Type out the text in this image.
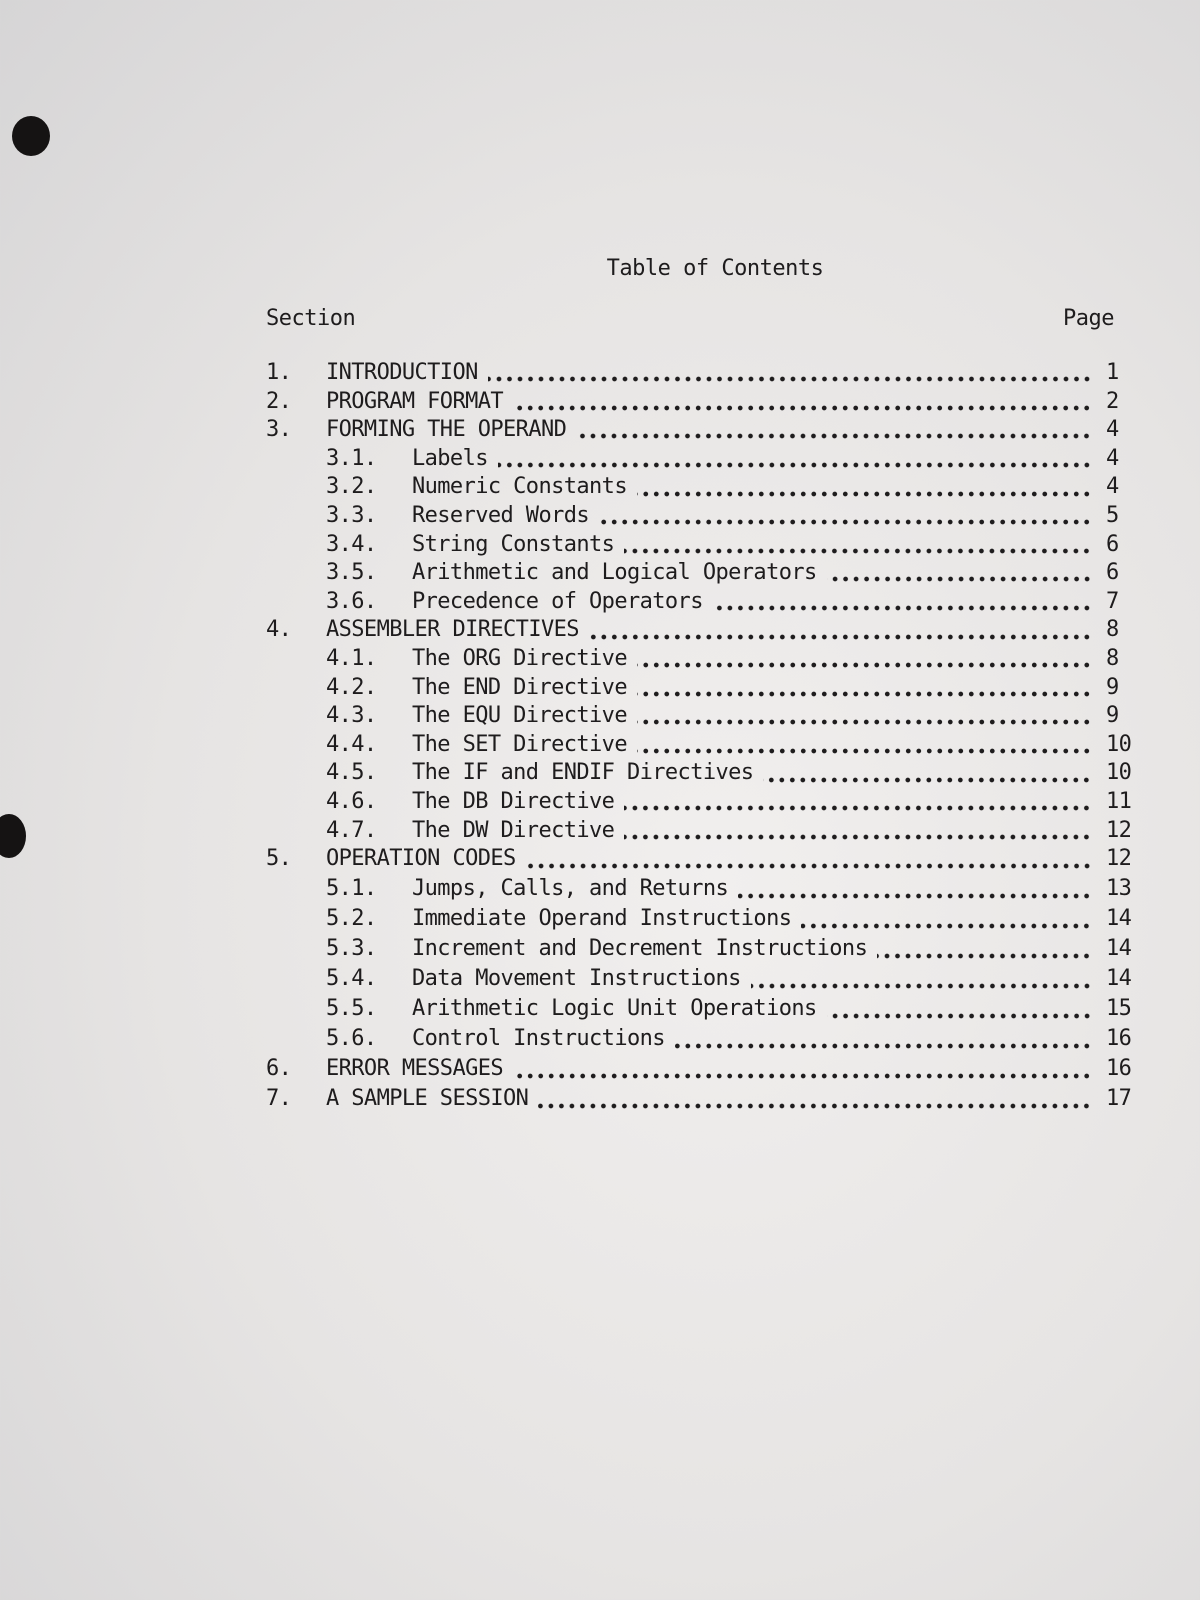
Table of Contents
Section	Page
1.	INTRODUCTION	1
2.	PROGRAM FORMAT	2
3.	FORMING THE OPERAND	4
3.1.	Labels	4
3.2.	Numeric Constants	4
3.3.	Reserved Words	5
3.4.	String Constants	6
3.5.	Arithmetic and Logical Operators	6
3.6.	Precedence of Operators	7
4.	ASSEMBLER DIRECTIVES	8
4.1.	The ORG Directive	8
4.2.	The END Directive	9
4.3.	The EQU Directive	9
4.4.	The SET Directive	10
4.5.	The IF and ENDIF Directives	10
4.6.	The DB Directive	11
4.7.	The DW Directive	12
5.	OPERATION CODES	12
5.1.	Jumps, Calls, and Returns	13
5.2.	Immediate Operand Instructions	14
5.3.	Increment and Decrement Instructions	14
5.4.	Data Movement Instructions	14
5.5.	Arithmetic Logic Unit Operations	15
5.6.	Control Instructions	16
6.	ERROR MESSAGES	16
7.	A SAMPLE SESSION	17
